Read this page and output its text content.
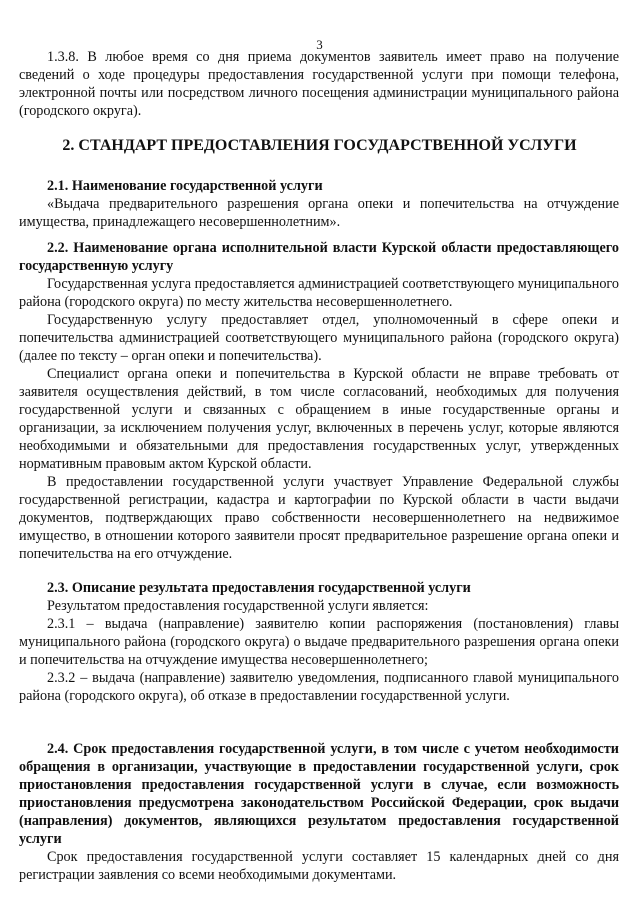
3

1.3.8. В любое время со дня приема документов заявитель имеет право на получение сведений о ходе процедуры предоставления государственной услуги при помощи телефона, электронной почты или посредством личного посещения администрации муниципального района (городского округа).

2. СТАНДАРТ ПРЕДОСТАВЛЕНИЯ ГОСУДАРСТВЕННОЙ УСЛУГИ

2.1. Наименование государственной услуги

«Выдача предварительного разрешения органа опеки и попечительства на отчуждение имущества, принадлежащего несовершеннолетним».

2.2. Наименование органа исполнительной власти Курской области предоставляющего государственную услугу

Государственная услуга предоставляется администрацией соответствующего муниципального района (городского округа) по месту жительства несовершеннолетнего.

Государственную услугу предоставляет отдел, уполномоченный в сфере опеки и попечительства администрацией соответствующего муниципального района (городского округа) (далее по тексту – орган опеки и попечительства).

Специалист органа опеки и попечительства в Курской области не вправе требовать от заявителя осуществления действий, в том числе согласований, необходимых для получения государственной услуги и связанных с обращением в иные государственные органы и организации, за исключением получения услуг, включенных в перечень услуг, которые являются необходимыми и обязательными для предоставления государственных услуг, утвержденных нормативным правовым актом Курской области.

В предоставлении государственной услуги участвует Управление Федеральной службы государственной регистрации, кадастра и картографии по Курской области в части выдачи документов, подтверждающих право собственности несовершеннолетнего на недвижимое имущество, в отношении которого заявители просят предварительное разрешение органа опеки и попечительства на его отчуждение.

2.3. Описание результата предоставления государственной услуги

Результатом предоставления государственной услуги является:

2.3.1 – выдача (направление) заявителю копии распоряжения (постановления) главы муниципального района (городского округа) о выдаче предварительного разрешения органа опеки и попечительства на отчуждение имущества несовершеннолетнего;

2.3.2 – выдача (направление) заявителю уведомления, подписанного главой муниципального района (городского округа), об отказе в предоставлении государственной услуги.

2.4. Срок предоставления государственной услуги, в том числе с учетом необходимости обращения в организации, участвующие в предоставлении государственной услуги, срок приостановления предоставления государственной услуги в случае, если возможность приостановления предусмотрена законодательством Российской Федерации, срок выдачи (направления) документов, являющихся результатом предоставления государственной услуги

Срок предоставления государственной услуги составляет 15 календарных дней со дня регистрации заявления со всеми необходимыми документами.
